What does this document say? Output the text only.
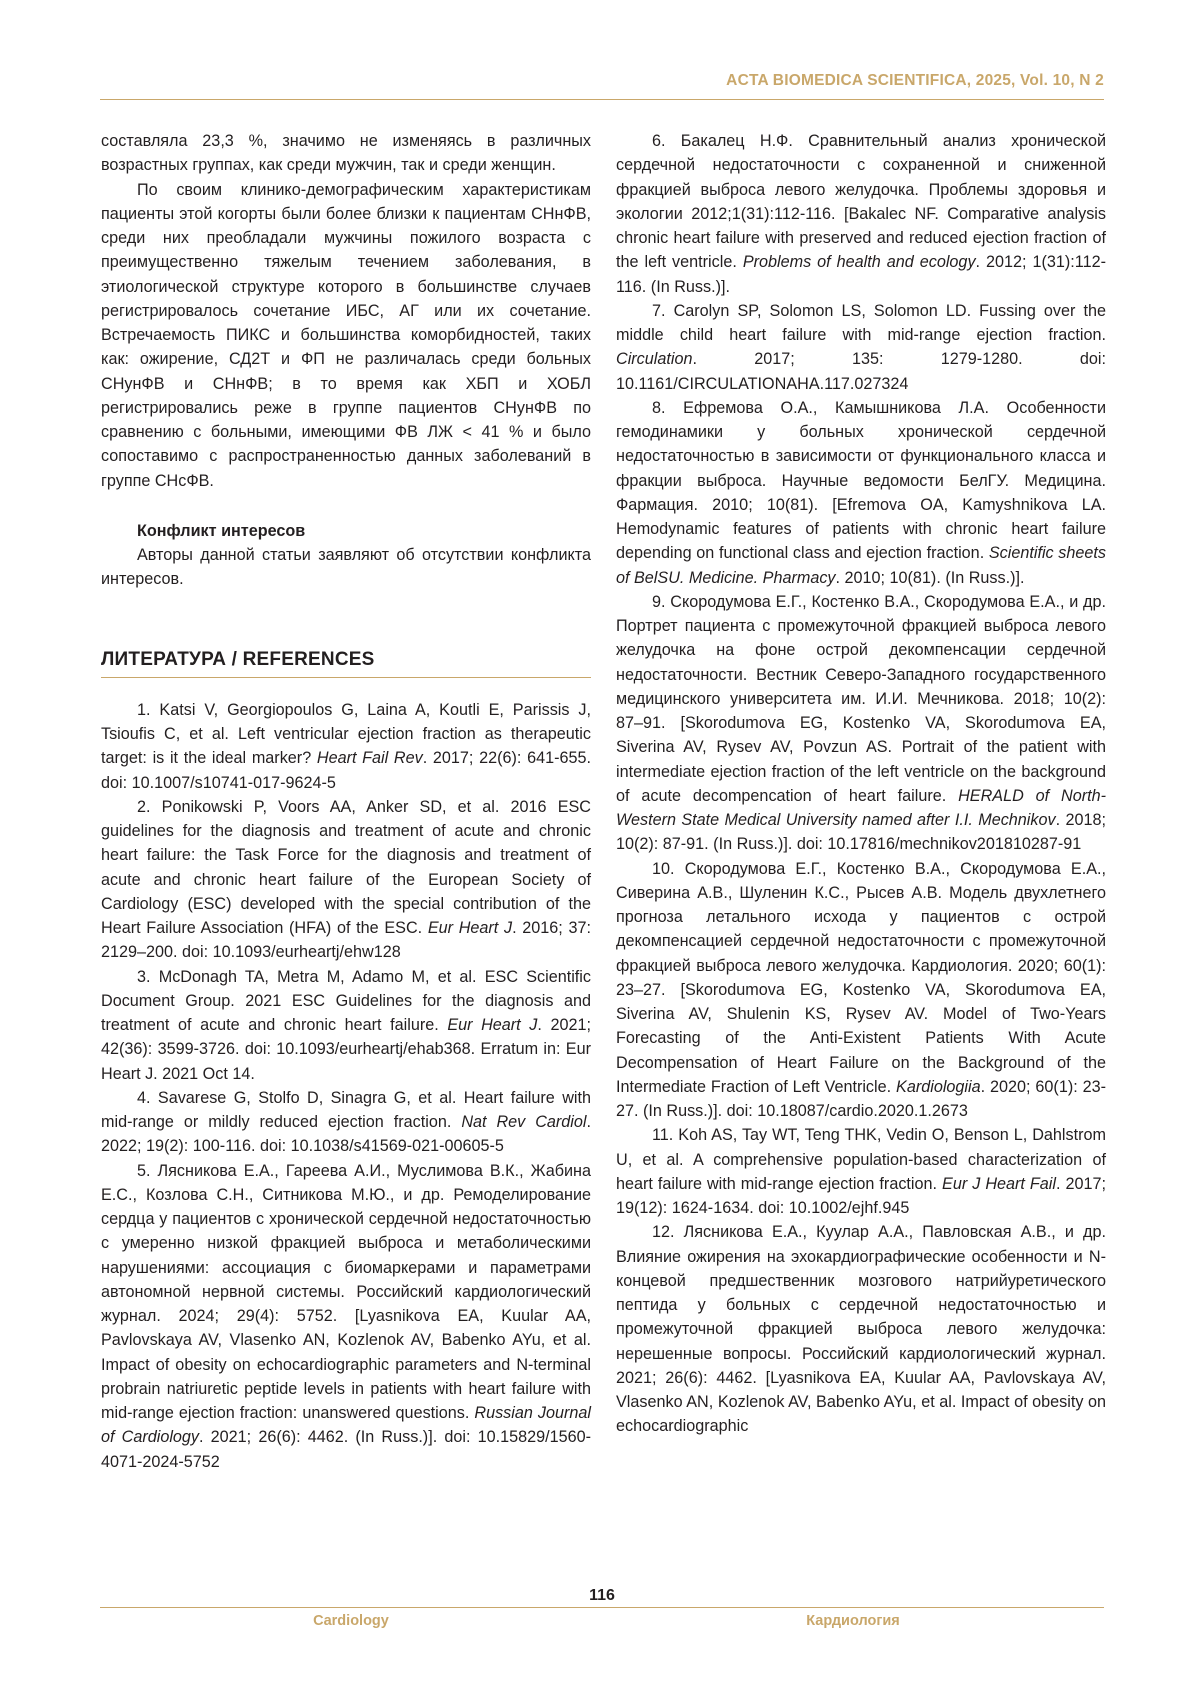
ACTA BIOMEDICA SCIENTIFICA, 2025, Vol. 10, N 2

составляла 23,3 %, значимо не изменяясь в различных возрастных группах, как среди мужчин, так и среди женщин.

По своим клинико-демографическим характеристикам пациенты этой когорты были более близки к пациентам СНнФВ, среди них преобладали мужчины пожилого возраста с преимущественно тяжелым течением заболевания, в этиологической структуре которого в большинстве случаев регистрировалось сочетание ИБС, АГ или их сочетание. Встречаемость ПИКС и большинства коморбидностей, таких как: ожирение, СД2Т и ФП не различалась среди больных СНунФВ и СНнФВ; в то время как ХБП и ХОБЛ регистрировались реже в группе пациентов СНунФВ по сравнению с больными, имеющими ФВ ЛЖ < 41 % и было сопоставимо с распространенностью данных заболеваний в группе СНсФВ.

Конфликт интересов

Авторы данной статьи заявляют об отсутствии конфликта интересов.

ЛИТЕРАТУРА / REFERENCES

1. Katsi V, Georgiopoulos G, Laina A, Koutli E, Parissis J, Tsioufis C, et al. Left ventricular ejection fraction as therapeutic target: is it the ideal marker? Heart Fail Rev. 2017; 22(6): 641-655. doi: 10.1007/s10741-017-9624-5

2. Ponikowski P, Voors AA, Anker SD, et al. 2016 ESC guidelines for the diagnosis and treatment of acute and chronic heart failure: the Task Force for the diagnosis and treatment of acute and chronic heart failure of the European Society of Cardiology (ESC) developed with the special contribution of the Heart Failure Association (HFA) of the ESC. Eur Heart J. 2016; 37: 2129–200. doi: 10.1093/eurheartj/ehw128

3. McDonagh TA, Metra M, Adamo M, et al. ESC Scientific Document Group. 2021 ESC Guidelines for the diagnosis and treatment of acute and chronic heart failure. Eur Heart J. 2021; 42(36): 3599-3726. doi: 10.1093/eurheartj/ehab368. Erratum in: Eur Heart J. 2021 Oct 14.

4. Savarese G, Stolfo D, Sinagra G, et al. Heart failure with mid-range or mildly reduced ejection fraction. Nat Rev Cardiol. 2022; 19(2): 100-116. doi: 10.1038/s41569-021-00605-5

5. Лясникова Е.А., Гареева А.И., Муслимова В.К., Жабина Е.С., Козлова С.Н., Ситникова М.Ю., и др. Ремоделирование сердца у пациентов с хронической сердечной недостаточностью с умеренно низкой фракцией выброса и метаболическими нарушениями: ассоциация с биомаркерами и параметрами автономной нервной системы. Российский кардиологический журнал. 2024; 29(4): 5752. [Lyasnikova EA, Kuular AA, Pavlovskaya AV, Vlasenko AN, Kozlenok AV, Babenko AYu, et al. Impact of obesity on echocardiographic parameters and N-terminal probrain natriuretic peptide levels in patients with heart failure with mid-range ejection fraction: unanswered questions. Russian Journal of Cardiology. 2021; 26(6): 4462. (In Russ.)]. doi: 10.15829/1560-4071-2024-5752

6. Бакалец Н.Ф. Сравнительный анализ хронической сердечной недостаточности с сохраненной и сниженной фракцией выброса левого желудочка. Проблемы здоровья и экологии 2012;1(31):112-116. [Bakalec NF. Comparative analysis chronic heart failure with preserved and reduced ejection fraction of the left ventricle. Problems of health and ecology. 2012; 1(31):112-116. (In Russ.)].

7. Carolyn SP, Solomon LS, Solomon LD. Fussing over the middle child heart failure with mid-range ejection fraction. Circulation. 2017; 135: 1279-1280. doi: 10.1161/CIRCULATIONAHA.117.027324

8. Ефремова О.А., Камышникова Л.А. Особенности гемодинамики у больных хронической сердечной недостаточностью в зависимости от функционального класса и фракции выброса. Научные ведомости БелГУ. Медицина. Фармация. 2010; 10(81). [Efremova OA, Kamyshnikova LA. Hemodynamic features of patients with chronic heart failure depending on functional class and ejection fraction. Scientific sheets of BelSU. Medicine. Pharmacy. 2010; 10(81). (In Russ.)].

9. Скородумова Е.Г., Костенко В.А., Скородумова Е.А., и др. Портрет пациента с промежуточной фракцией выброса левого желудочка на фоне острой декомпенсации сердечной недостаточности. Вестник Северо-Западного государственного медицинского университета им. И.И. Мечникова. 2018; 10(2): 87–91. [Skorodumova EG, Kostenko VA, Skorodumova EA, Siverina AV, Rysev AV, Povzun AS. Portrait of the patient with intermediate ejection fraction of the left ventricle on the background of acute decompencation of heart failure. HERALD of North-Western State Medical University named after I.I. Mechnikov. 2018; 10(2): 87-91. (In Russ.)]. doi: 10.17816/mechnikov201810287-91

10. Скородумова Е.Г., Костенко В.А., Скородумова Е.А., Сиверина А.В., Шуленин К.С., Рысев А.В. Модель двухлетнего прогноза летального исхода у пациентов с острой декомпенсацией сердечной недостаточности с промежуточной фракцией выброса левого желудочка. Кардиология. 2020; 60(1): 23–27. [Skorodumova EG, Kostenko VA, Skorodumova EA, Siverina AV, Shulenin KS, Rysev AV. Model of Two-Years Forecasting of the Anti-Existent Patients With Acute Decompensation of Heart Failure on the Background of the Intermediate Fraction of Left Ventricle. Kardiologiia. 2020; 60(1): 23-27. (In Russ.)]. doi: 10.18087/cardio.2020.1.2673

11. Koh AS, Tay WT, Teng THK, Vedin O, Benson L, Dahlstrom U, et al. A comprehensive population-based characterization of heart failure with mid-range ejection fraction. Eur J Heart Fail. 2017; 19(12): 1624-1634. doi: 10.1002/ejhf.945

12. Лясникова Е.А., Куулар А.А., Павловская А.В., и др. Влияние ожирения на эхокардиографические особенности и N-концевой предшественник мозгового натрийуретического пептида у больных с сердечной недостаточностью и промежуточной фракцией выброса левого желудочка: нерешенные вопросы. Российский кардиологический журнал. 2021; 26(6): 4462. [Lyasnikova EA, Kuular AA, Pavlovskaya AV, Vlasenko AN, Kozlenok AV, Babenko AYu, et al. Impact of obesity on echocardiographic

116
Cardiology	Кардиология
